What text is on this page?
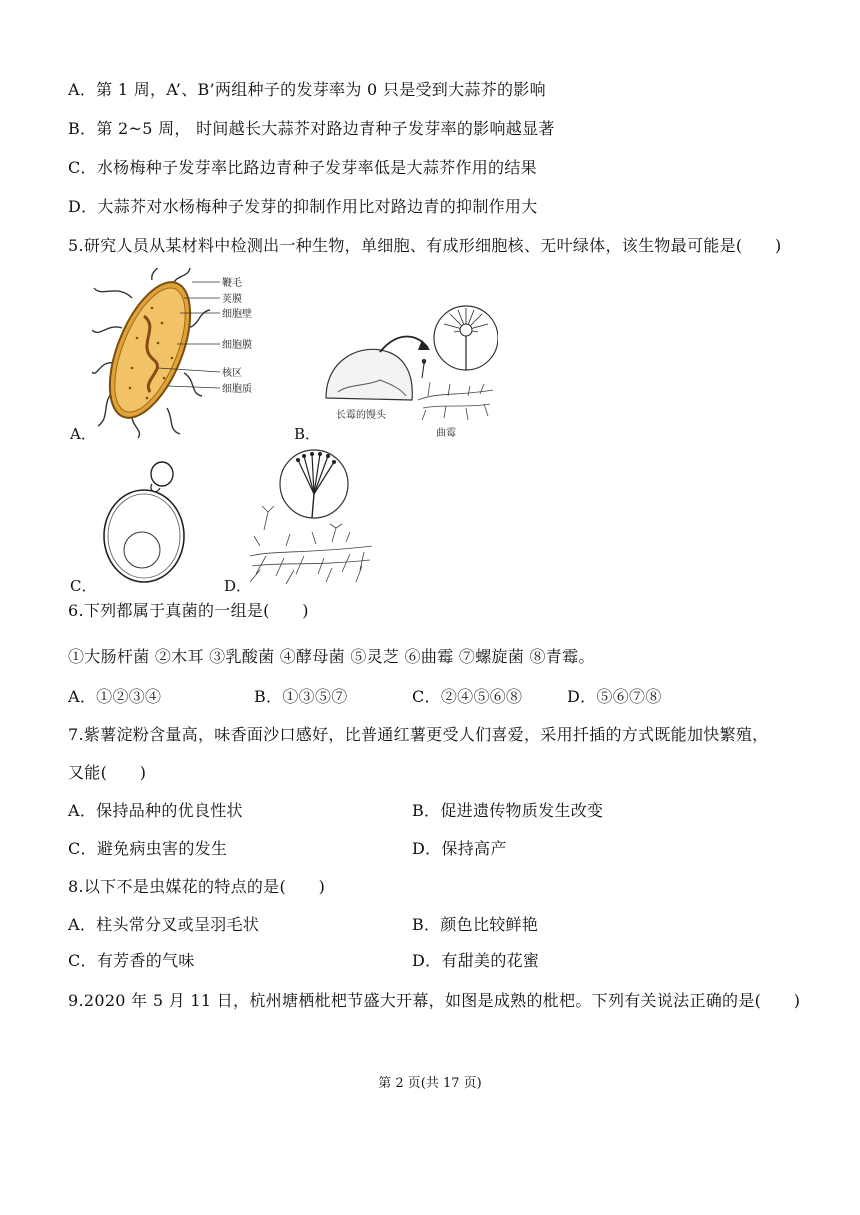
A．第 1 周，A’、B’两组种子的发芽率为 0 只是受到大蒜芥的影响
B．第 2~5 周， 时间越长大蒜芥对路边青种子发芽率的影响越显著
C．水杨梅种子发芽率比路边青种子发芽率低是大蒜芥作用的结果
D．大蒜芥对水杨梅种子发芽的抑制作用比对路边青的抑制作用大
5.研究人员从某材料中检测出一种生物，单细胞、有成形细胞核、无叶绿体，该生物最可能是(　　)
鞭毛
荚膜
细胞壁
细胞膜
核区
细胞质
A．
长霉的馒头
曲霉
B．
C．	D．
6.下列都属于真菌的一组是(　　)
①大肠杆菌 ②木耳 ③乳酸菌 ④酵母菌 ⑤灵芝 ⑥曲霉 ⑦螺旋菌 ⑧青霉。
A．①②③④	B．①③⑤⑦	C．②④⑤⑥⑧	D．⑤⑥⑦⑧
7.紫薯淀粉含量高，味香面沙口感好，比普通红薯更受人们喜爱，采用扦插的方式既能加快繁殖，
又能(　　)
A．保持品种的优良性状	B．促进遗传物质发生改变
C．避免病虫害的发生	D．保持高产
8.以下不是虫媒花的特点的是(　　)
A．柱头常分叉或呈羽毛状	B．颜色比较鲜艳
C．有芳香的气味	D．有甜美的花蜜
9.2020 年 5 月 11 日，杭州塘栖枇杷节盛大开幕，如图是成熟的枇杷。下列有关说法正确的是(　　)
第 2 页(共 17 页)
